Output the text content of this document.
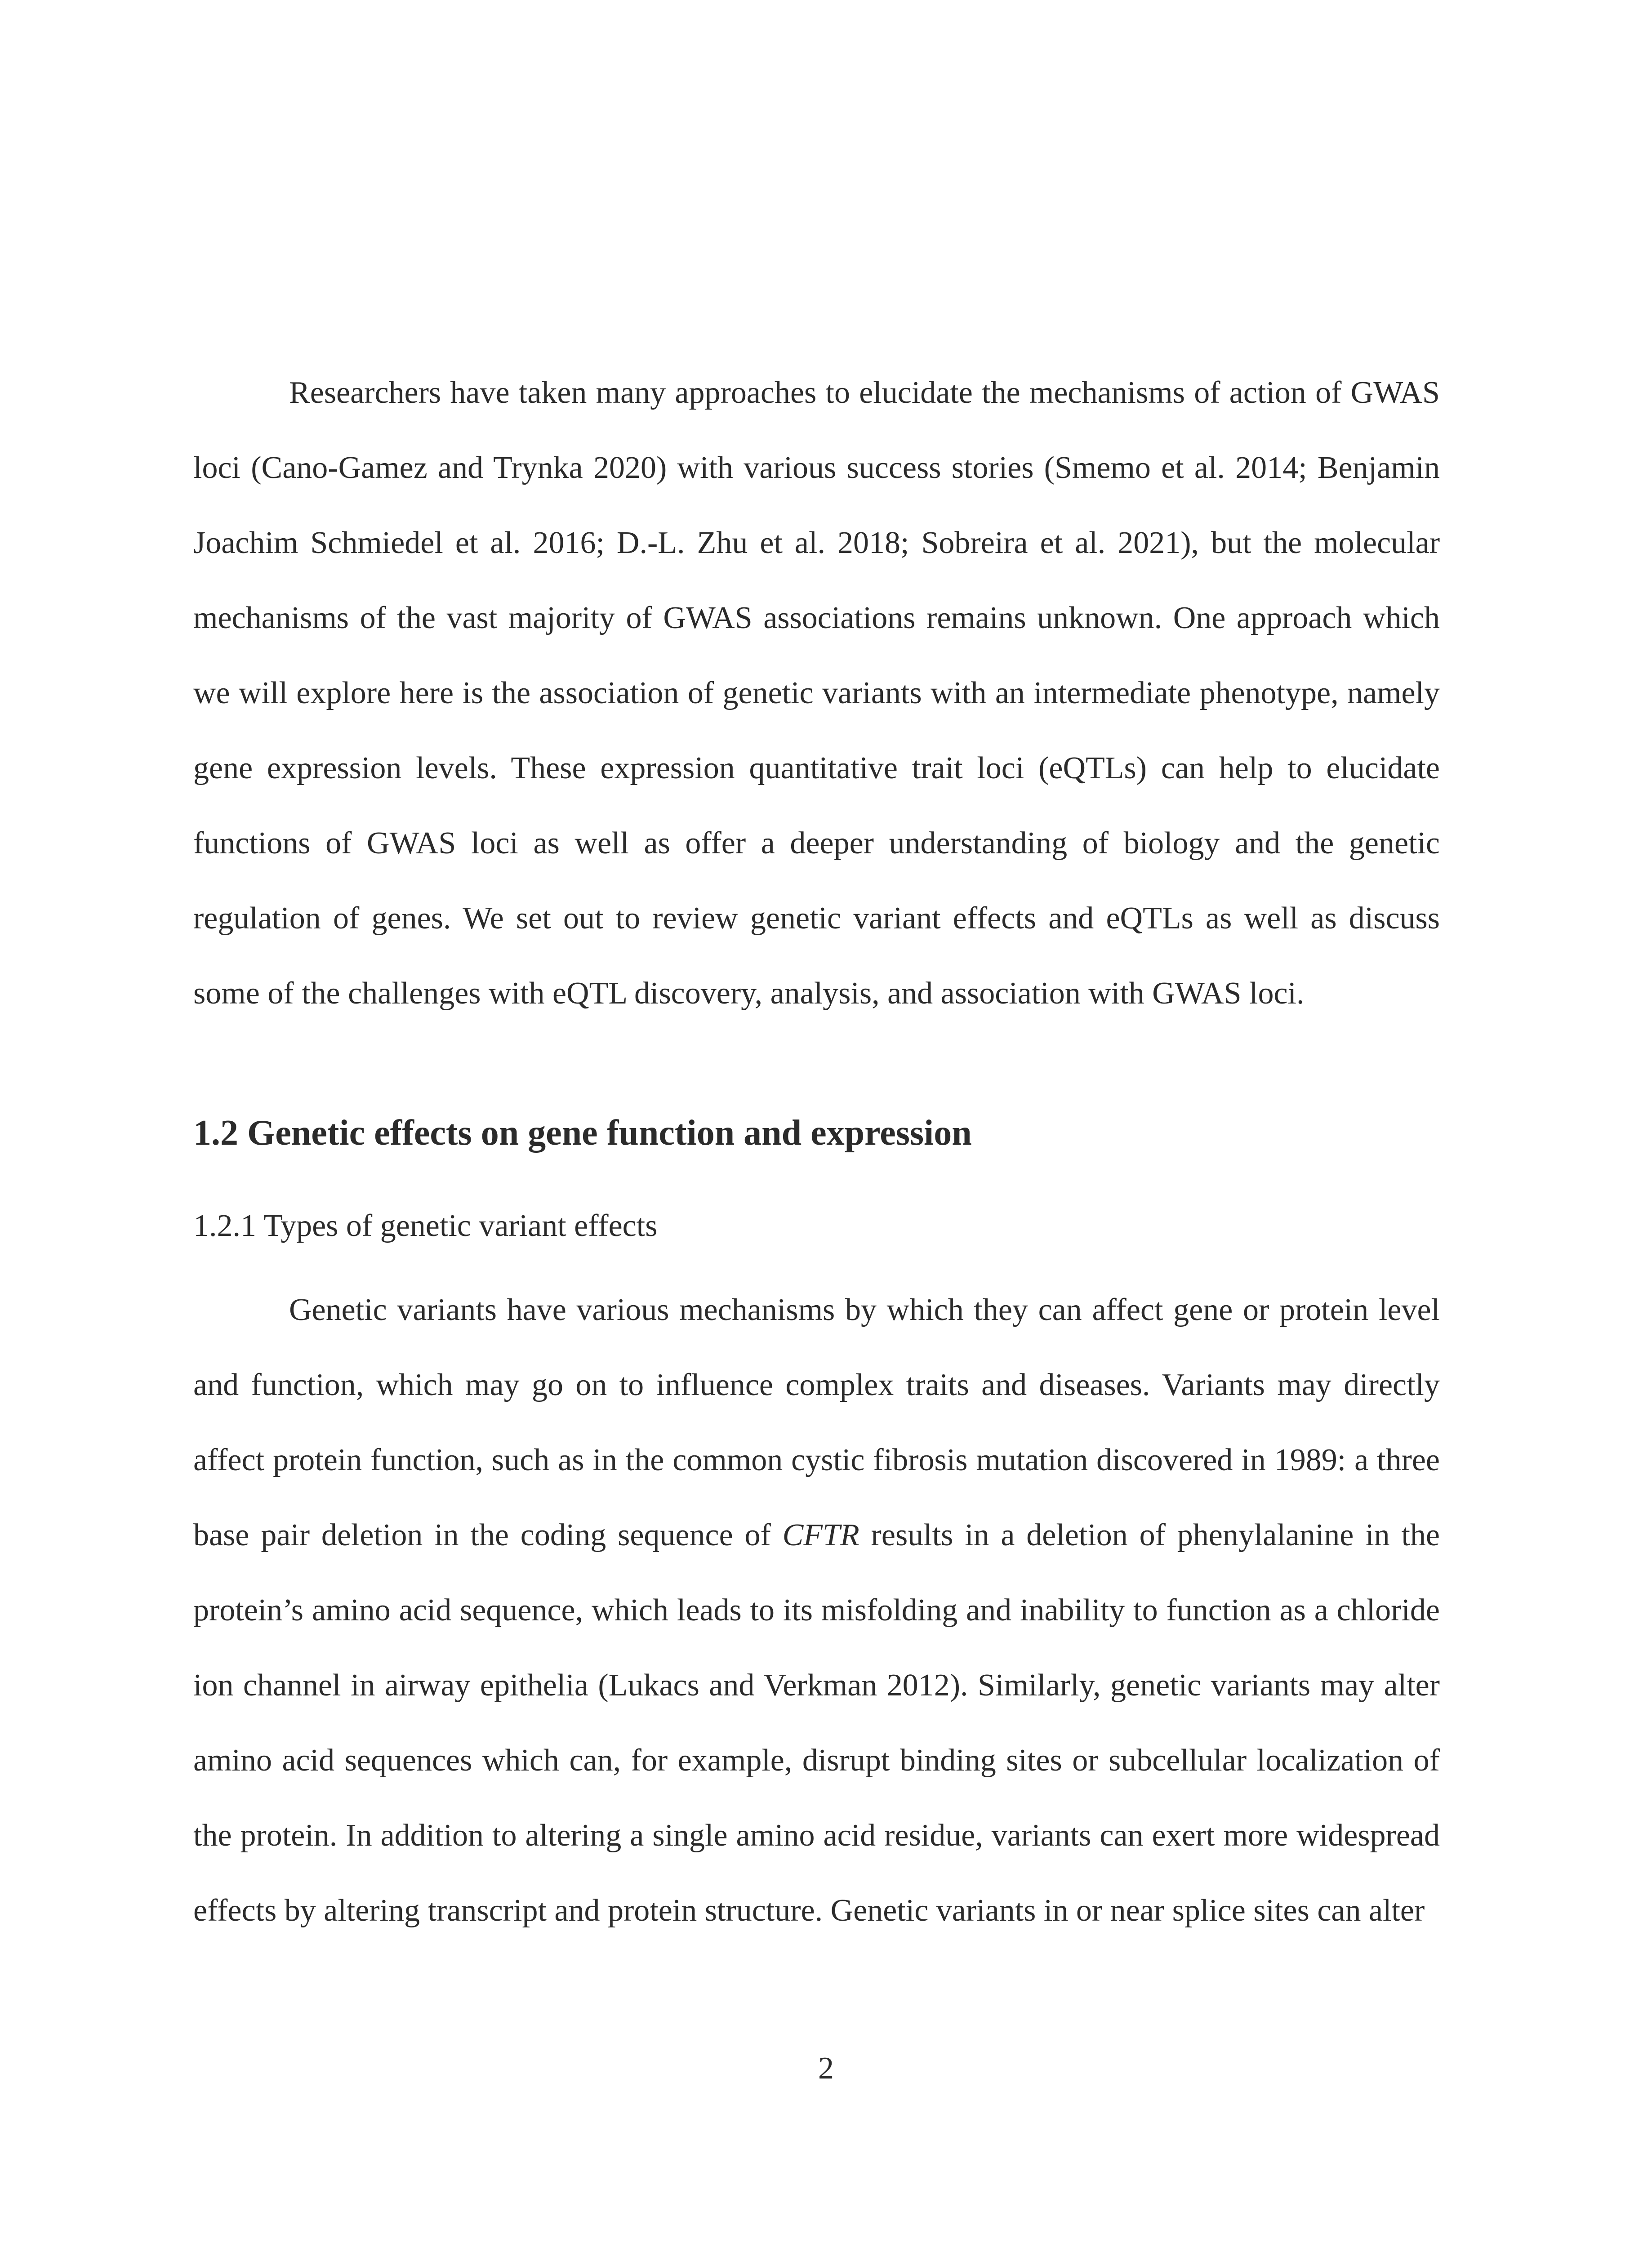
Researchers have taken many approaches to elucidate the mechanisms of action of GWAS loci (Cano-Gamez and Trynka 2020) with various success stories (Smemo et al. 2014; Benjamin Joachim Schmiedel et al. 2016; D.-L. Zhu et al. 2018; Sobreira et al. 2021), but the molecular mechanisms of the vast majority of GWAS associations remains unknown. One approach which we will explore here is the association of genetic variants with an intermediate phenotype, namely gene expression levels. These expression quantitative trait loci (eQTLs) can help to elucidate functions of GWAS loci as well as offer a deeper understanding of biology and the genetic regulation of genes. We set out to review genetic variant effects and eQTLs as well as discuss some of the challenges with eQTL discovery, analysis, and association with GWAS loci.

1.2 Genetic effects on gene function and expression
1.2.1 Types of genetic variant effects

Genetic variants have various mechanisms by which they can affect gene or protein level and function, which may go on to influence complex traits and diseases. Variants may directly affect protein function, such as in the common cystic fibrosis mutation discovered in 1989: a three base pair deletion in the coding sequence of CFTR results in a deletion of phenylalanine in the protein’s amino acid sequence, which leads to its misfolding and inability to function as a chloride ion channel in airway epithelia (Lukacs and Verkman 2012). Similarly, genetic variants may alter amino acid sequences which can, for example, disrupt binding sites or subcellular localization of the protein. In addition to altering a single amino acid residue, variants can exert more widespread effects by altering transcript and protein structure. Genetic variants in or near splice sites can alter

2
